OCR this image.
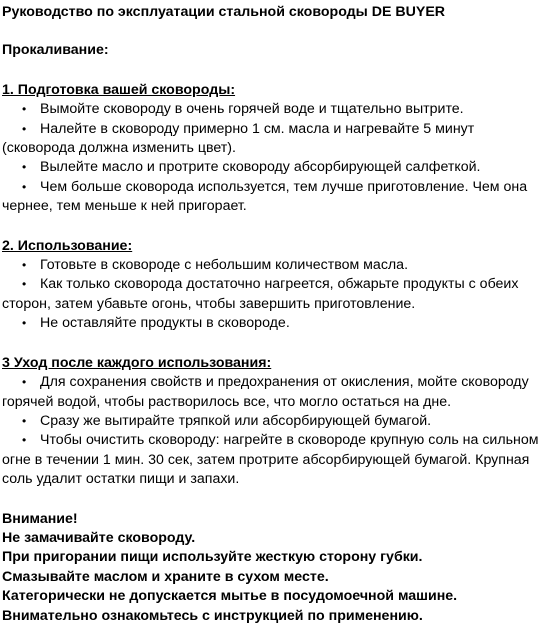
Руководство по эксплуатации стальной сковороды DE BUYER
Прокаливание:
1. Подготовка вашей сковороды:
• Вымойте сковороду в очень горячей воде и тщательно вытрите.
• Налейте в сковороду примерно 1 см. масла и нагревайте 5 минут (сковорода должна изменить цвет).
• Вылейте масло и протрите сковороду абсорбирующей салфеткой.
• Чем больше сковорода используется, тем лучше приготовление. Чем она чернее, тем меньше к ней пригорает.
2. Использование:
• Готовьте в сковороде с небольшим количеством масла.
• Как только сковорода достаточно нагреется, обжарьте продукты с обеих сторон, затем убавьте огонь, чтобы завершить приготовление.
• Не оставляйте продукты в сковороде.
3 Уход после каждого использования:
• Для сохранения свойств и предохранения от окисления, мойте сковороду горячей водой, чтобы растворилось все, что могло остаться на дне.
• Сразу же вытирайте тряпкой или абсорбирующей бумагой.
• Чтобы очистить сковороду: нагрейте в сковороде крупную соль на сильном огне в течении 1 мин. 30 сек, затем протрите абсорбирующей бумагой. Крупная соль удалит остатки пищи и запахи.
Внимание!
Не замачивайте сковороду.
При пригорании пищи используйте жесткую сторону губки.
Смазывайте маслом и храните в сухом месте.
Категорически не допускается мытье в посудомоечной машине.
Внимательно ознакомьтесь с инструкцией по применению.
